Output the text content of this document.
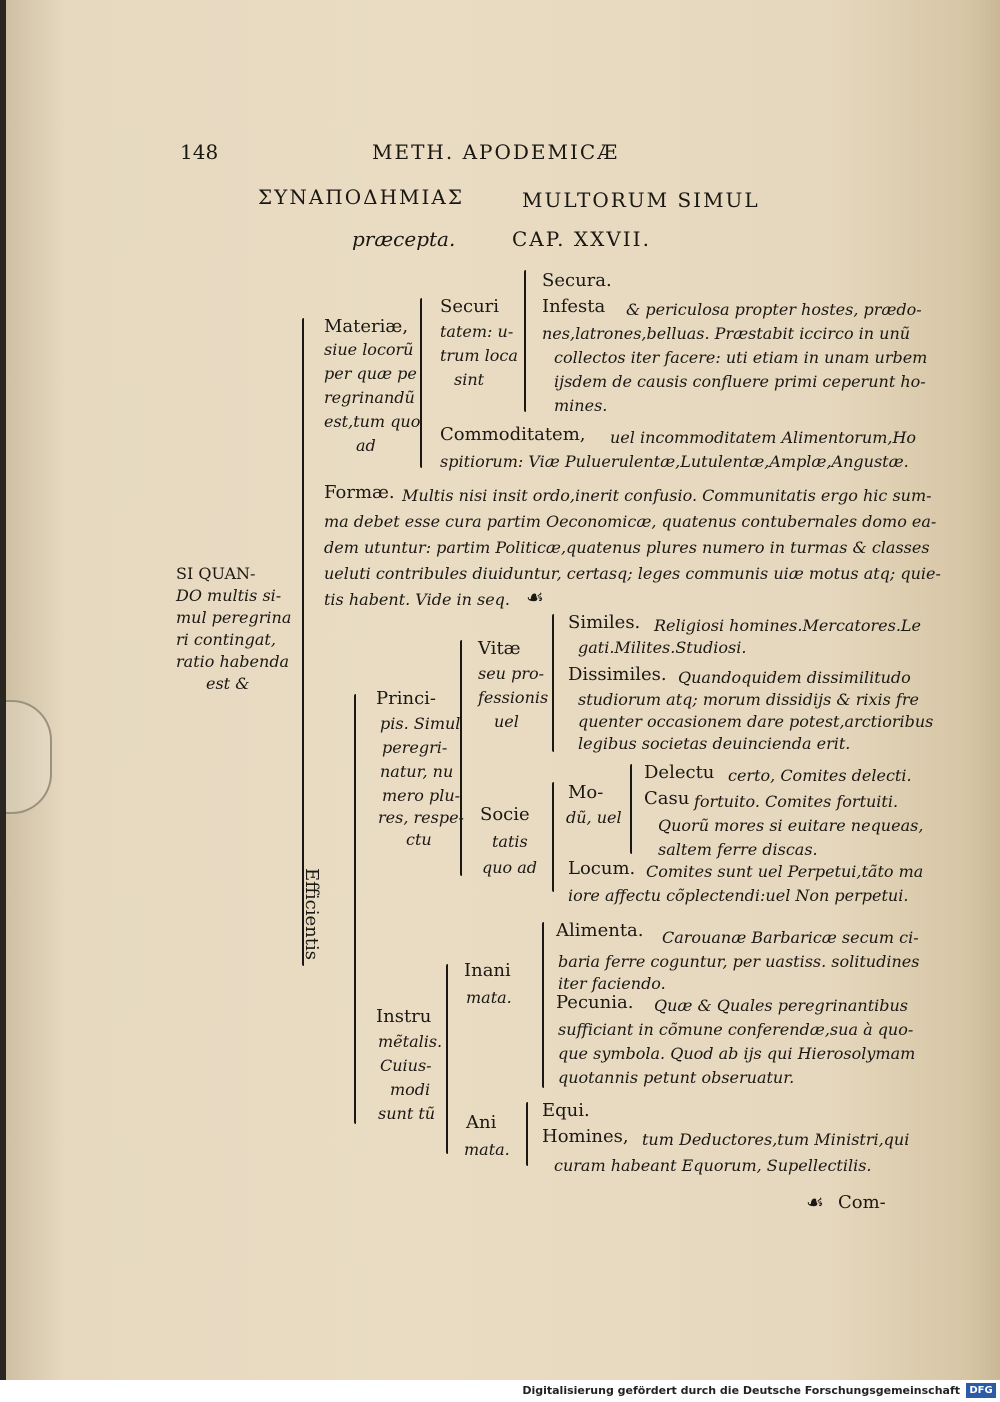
148	METH. APODEMICÆ
ΣΥΝΑΠΟΔΗΜΙΑΣ	MULTORUM SIMUL
præcepta.	CAP. XXVII.
SI QUAN-
DO multis si-
mul peregrina
ri contingat,
ratio habenda
est &
Materiæ,
siue locorũ
per quæ pe
regrinandũ
est,tum quo
ad
Securi
tatem: u-
trum loca
sint
Secura.
Infesta & periculosa propter hostes, prædo-
nes,latrones,belluas. Præstabit iccirco in unũ
collectos iter facere: uti etiam in unam urbem
ijsdem de causis confluere primi ceperunt ho-
mines.
Commoditatem, uel incommoditatem Alimentorum,Ho
spitiorum: Viæ Puluerulentæ,Lutulentæ,Amplæ,Angustæ.
Formæ. Multis nisi insit ordo,inerit confusio. Communitatis ergo hic sum-
ma debet esse cura partim Oeconomicæ, quatenus contubernales domo ea-
dem utuntur: partim Politicæ,quatenus plures numero in turmas & classes
ueluti contribules diuiduntur, certasq; leges communis uiæ motus atq; quie-
tis habent. Vide in seq. ☙
Efficientis
Princi-
pis. Simul
peregri-
natur, nu
mero plu-
res, respe-
ctu
Vitæ
seu pro-
fessionis
uel
Similes. Religiosi homines.Mercatores.Le
gati.Milites.Studiosi.
Dissimiles. Quandoquidem dissimilitudo
studiorum atq; morum dissidijs & rixis fre
quenter occasionem dare potest,arctioribus
legibus societas deuincienda erit.
Socie
tatis
quo ad
Mo-
dũ, uel
Delectu certo, Comites delecti.
Casu fortuito. Comites fortuiti.
Quorũ mores si euitare nequeas,
saltem ferre discas.
Locum. Comites sunt uel Perpetui,tãto ma
iore affectu cõplectendi:uel Non perpetui.
Instru
mẽtalis.
Cuius-
modi
sunt tũ
Inani
mata.
Alimenta. Carouanæ Barbaricæ secum ci-
baria ferre coguntur, per uastiss. solitudines
iter faciendo.
Pecunia. Quæ & Quales peregrinantibus
sufficiant in cõmune conferendæ,sua à quo-
que symbola. Quod ab ijs qui Hierosolymam
quotannis petunt obseruatur.
Ani
mata.
Equi.
Homines, tum Deductores,tum Ministri,qui
curam habeant Equorum, Supellectilis.
☙ Com-
Digitalisierung gefördert durch die Deutsche Forschungsgemeinschaft DFG
